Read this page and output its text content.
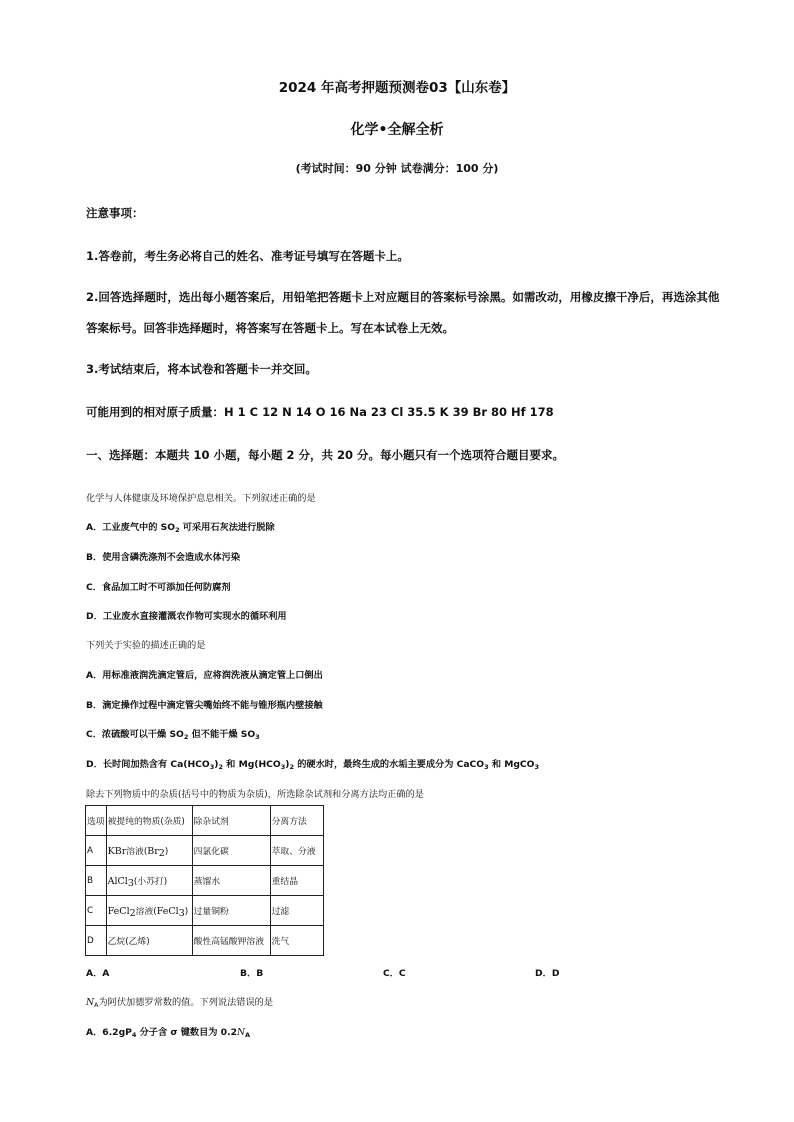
2024 年高考押题预测卷03【山东卷】
化学•全解全析
(考试时间：90 分钟 试卷满分：100 分)
注意事项：
1.答卷前，考生务必将自己的姓名、准考证号填写在答题卡上。
2.回答选择题时，选出每小题答案后，用铅笔把答题卡上对应题目的答案标号涂黑。如需改动，用橡皮擦干净后，再选涂其他
答案标号。回答非选择题时，将答案写在答题卡上。写在本试卷上无效。
3.考试结束后，将本试卷和答题卡一并交回。
可能用到的相对原子质量：H 1 C 12 N 14 O 16 Na 23 Cl 35.5 K 39 Br 80 Hf 178
一、选择题：本题共 10 小题，每小题 2 分，共 20 分。每小题只有一个选项符合题目要求。
化学与人体健康及环境保护息息相关。下列叙述正确的是
A．工业废气中的 $SO_2$ 可采用石灰法进行脱除
B．使用含磷洗涤剂不会造成水体污染
C．食品加工时不可添加任何防腐剂
D．工业废水直接灌溉农作物可实现水的循环利用
下列关于实验的描述正确的是
A．用标准液润洗滴定管后，应将润洗液从滴定管上口倒出
B．滴定操作过程中滴定管尖嘴始终不能与锥形瓶内壁接触
C．浓硫酸可以干燥 $SO_2$ 但不能干燥 $SO_3$
D．长时间加热含有 $Ca(HCO_3)_2$ 和 $Mg(HCO_3)_2$ 的硬水时，最终生成的水垢主要成分为 CaCO$_3$ 和 MgCO$_3$
除去下列物质中的杂质(括号中的物质为杂质)，所选除杂试剂和分离方法均正确的是
选项	被提纯的物质(杂质)	除杂试剂	分离方法
A	KBr溶液$(Br_2)$	四氯化碳	萃取、分液
B	AlCl$_3$(小苏打)	蒸馏水	重结晶
C	FeCl$_2$溶液(FeCl$_3$)	过量铜粉	过滤
D	乙烷(乙烯)	酸性高锰酸钾溶液	洗气
A．A	B．B	C．C	D．D
$N_A$为阿伏加德罗常数的值。下列说法错误的是
A．$6.2gP_4$ 分子含 σ 键数目为 $0.2N_A$
